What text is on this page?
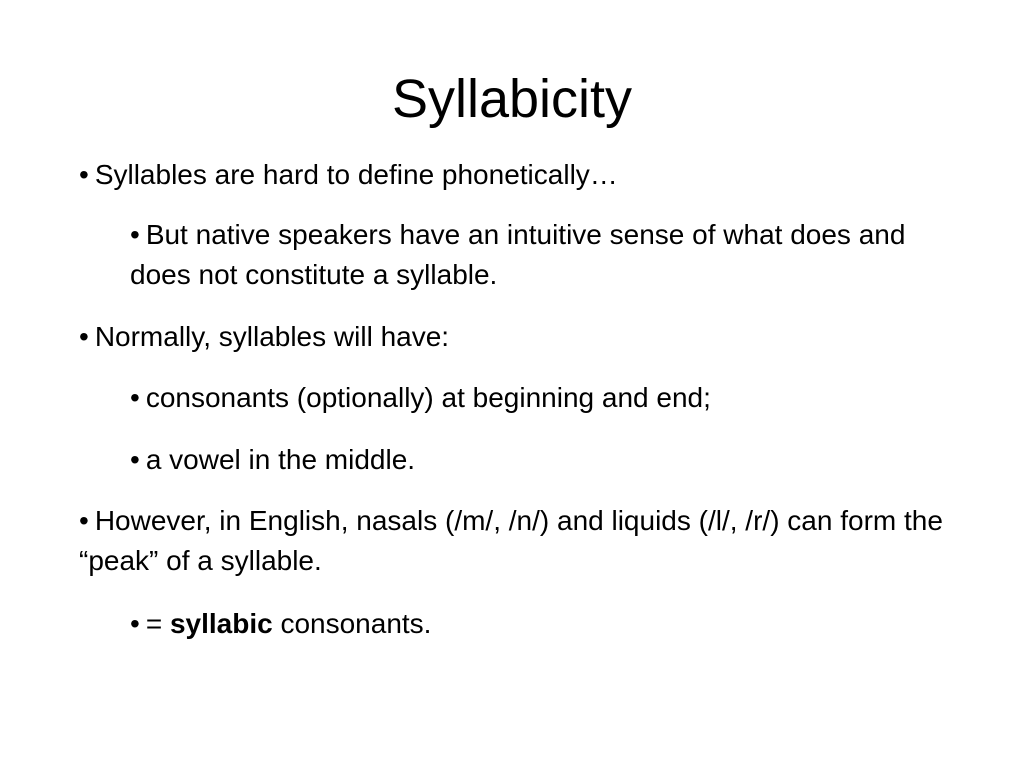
Syllabicity

• Syllables are hard to define phonetically…

• But native speakers have an intuitive sense of what does and does not constitute a syllable.

• Normally, syllables will have:

• consonants (optionally) at beginning and end;

• a vowel in the middle.

• However, in English, nasals (/m/, /n/) and liquids (/l/, /r/) can form the “peak” of a syllable.

• = syllabic consonants.
